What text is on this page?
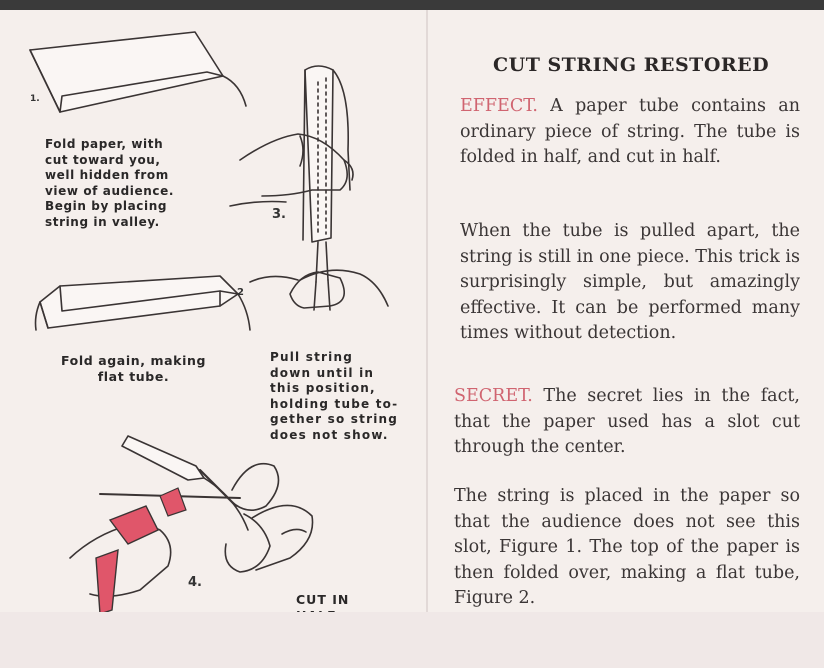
1.
2
3.
4.
Fold paper, with
cut toward you,
well hidden from
view of audience.
Begin by placing
string in valley.
Fold again, making
flat tube.
Pull string
down until in
this position,
holding tube to-
gether so string
does not show.
CUT IN

CUT STRING RESTORED
EFFECT. A paper tube contains an ordinary piece of string. The tube is folded in half, and cut in half.
When the tube is pulled apart, the string is still in one piece. This trick is surprisingly simple, but amazingly effective. It can be performed many times without detection.
SECRET. The secret lies in the fact, that the paper used has a slot cut through the center.
The string is placed in the paper so that the audience does not see this slot, Figure 1. The top of the paper is then folded over, making a flat tube, Figure 2.
